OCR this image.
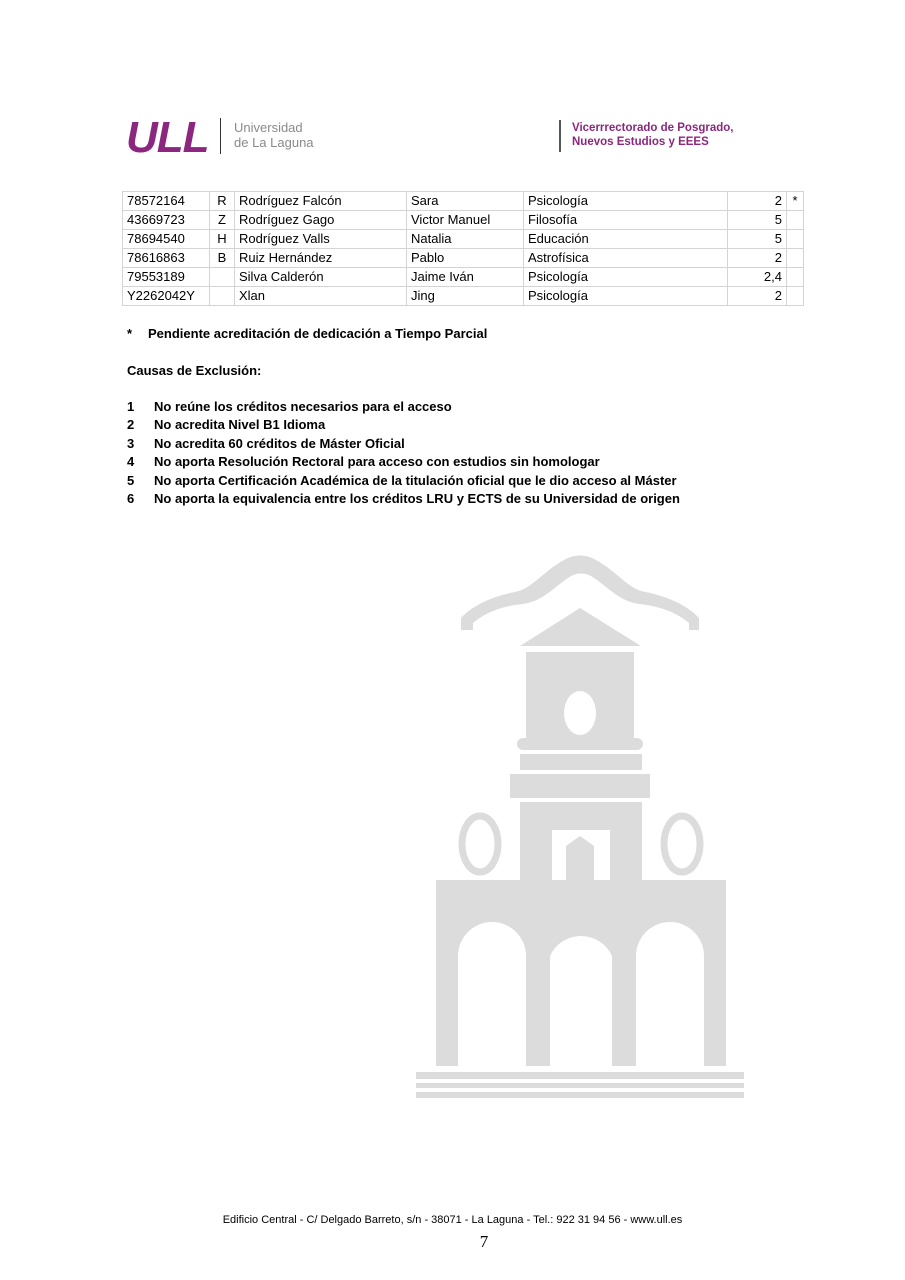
ULL Universidad
de La Laguna
Vicerrrectorado de Posgrado,
Nuevos Estudios y EEES
78572164	R	Rodríguez Falcón	Sara	Psicología	2	*
43669723	Z	Rodríguez Gago	Victor Manuel	Filosofía	5	
78694540	H	Rodríguez Valls	Natalia	Educación	5	
78616863	B	Ruiz Hernández	Pablo	Astrofísica	2	
79553189		Silva Calderón	Jaime Iván	Psicología	2,4	
Y2262042Y		Xlan	Jing	Psicología	2	
* Pendiente acreditación de dedicación a Tiempo Parcial
Causas de Exclusión:
1 No reúne los créditos necesarios para el acceso
2 No acredita Nivel B1 Idioma
3 No acredita 60 créditos de Máster Oficial
4 No aporta Resolución Rectoral para acceso con estudios sin homologar
5 No aporta Certificación Académica de la titulación oficial que le dio acceso al Máster
6 No aporta la equivalencia entre los créditos LRU y ECTS de su Universidad de origen
Edificio Central - C/ Delgado Barreto, s/n - 38071 - La Laguna - Tel.: 922 31 94 56 - www.ull.es
7
